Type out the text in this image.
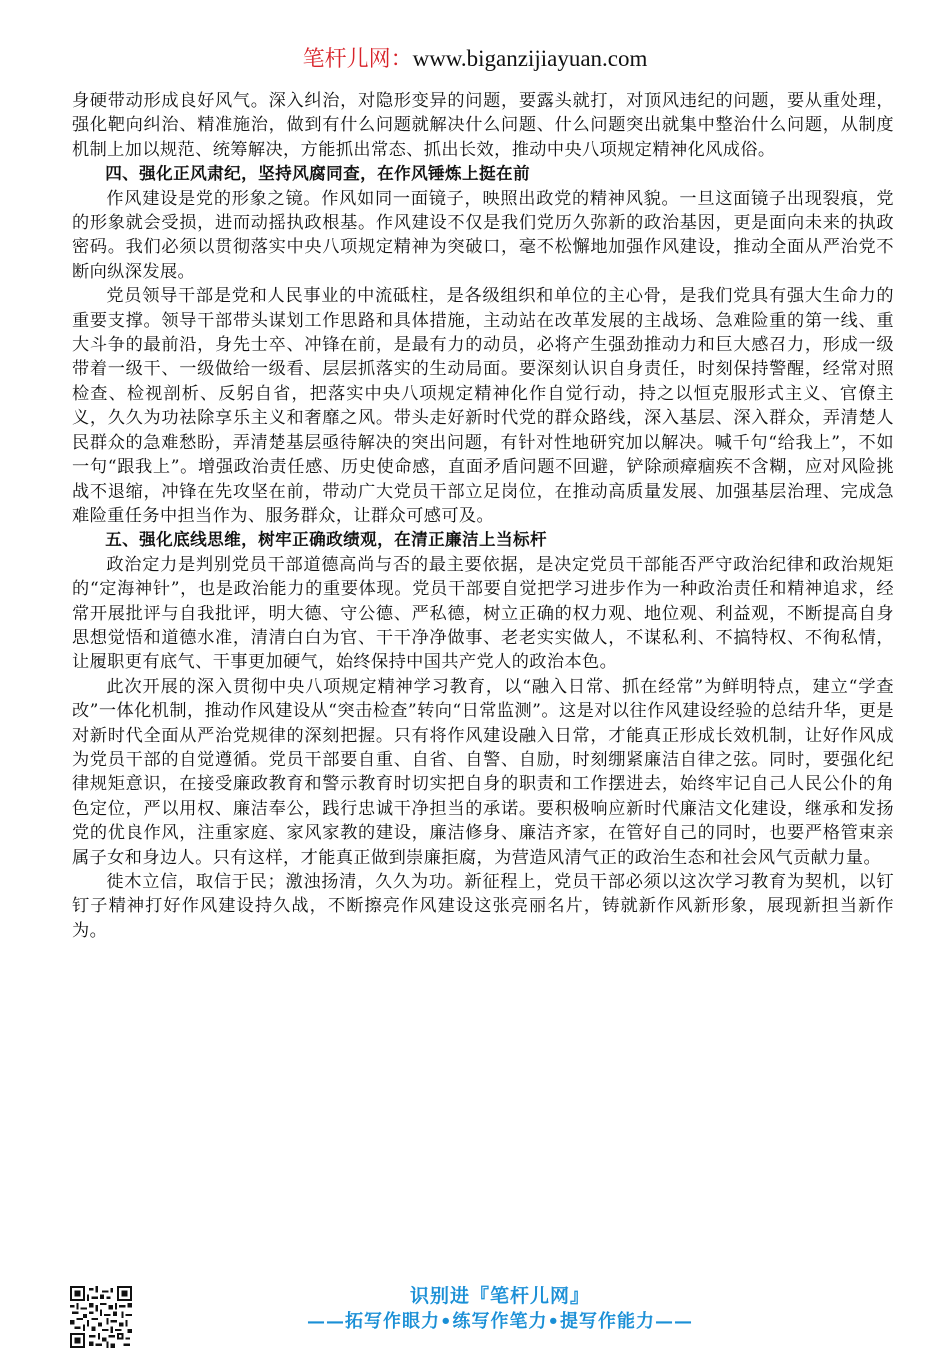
笔杆儿网：www.biganzijiayuan.com

身硬带动形成良好风气。深入纠治，对隐形变异的问题，要露头就打，对顶风违纪的问题，要从重处理，强化靶向纠治、精准施治，做到有什么问题就解决什么问题、什么问题突出就集中整治什么问题，从制度机制上加以规范、统筹解决，方能抓出常态、抓出长效，推动中央八项规定精神化风成俗。

四、强化正风肃纪，坚持风腐同查，在作风锤炼上挺在前

作风建设是党的形象之镜。作风如同一面镜子，映照出政党的精神风貌。一旦这面镜子出现裂痕，党的形象就会受损，进而动摇执政根基。作风建设不仅是我们党历久弥新的政治基因，更是面向未来的执政密码。我们必须以贯彻落实中央八项规定精神为突破口，毫不松懈地加强作风建设，推动全面从严治党不断向纵深发展。

党员领导干部是党和人民事业的中流砥柱，是各级组织和单位的主心骨，是我们党具有强大生命力的重要支撑。领导干部带头谋划工作思路和具体措施，主动站在改革发展的主战场、急难险重的第一线、重大斗争的最前沿，身先士卒、冲锋在前，是最有力的动员，必将产生强劲推动力和巨大感召力，形成一级带着一级干、一级做给一级看、层层抓落实的生动局面。要深刻认识自身责任，时刻保持警醒，经常对照检查、检视剖析、反躬自省，把落实中央八项规定精神化作自觉行动，持之以恒克服形式主义、官僚主义，久久为功祛除享乐主义和奢靡之风。带头走好新时代党的群众路线，深入基层、深入群众，弄清楚人民群众的急难愁盼，弄清楚基层亟待解决的突出问题，有针对性地研究加以解决。喊千句“给我上”，不如一句“跟我上”。增强政治责任感、历史使命感，直面矛盾问题不回避，铲除顽瘴痼疾不含糊，应对风险挑战不退缩，冲锋在先攻坚在前，带动广大党员干部立足岗位，在推动高质量发展、加强基层治理、完成急难险重任务中担当作为、服务群众，让群众可感可及。

五、强化底线思维，树牢正确政绩观，在清正廉洁上当标杆

政治定力是判别党员干部道德高尚与否的最主要依据，是决定党员干部能否严守政治纪律和政治规矩的“定海神针”，也是政治能力的重要体现。党员干部要自觉把学习进步作为一种政治责任和精神追求，经常开展批评与自我批评，明大德、守公德、严私德，树立正确的权力观、地位观、利益观，不断提高自身思想觉悟和道德水准，清清白白为官、干干净净做事、老老实实做人，不谋私利、不搞特权、不徇私情，让履职更有底气、干事更加硬气，始终保持中国共产党人的政治本色。

此次开展的深入贯彻中央八项规定精神学习教育，以“融入日常、抓在经常”为鲜明特点，建立“学查改”一体化机制，推动作风建设从“突击检查”转向“日常监测”。这是对以往作风建设经验的总结升华，更是对新时代全面从严治党规律的深刻把握。只有将作风建设融入日常，才能真正形成长效机制，让好作风成为党员干部的自觉遵循。党员干部要自重、自省、自警、自励，时刻绷紧廉洁自律之弦。同时，要强化纪律规矩意识，在接受廉政教育和警示教育时切实把自身的职责和工作摆进去，始终牢记自己人民公仆的角色定位，严以用权、廉洁奉公，践行忠诚干净担当的承诺。要积极响应新时代廉洁文化建设，继承和发扬党的优良作风，注重家庭、家风家教的建设，廉洁修身、廉洁齐家，在管好自己的同时，也要严格管束亲属子女和身边人。只有这样，才能真正做到崇廉拒腐，为营造风清气正的政治生态和社会风气贡献力量。

徙木立信，取信于民；激浊扬清，久久为功。新征程上，党员干部必须以这次学习教育为契机，以钉钉子精神打好作风建设持久战，不断擦亮作风建设这张亮丽名片，铸就新作风新形象，展现新担当新作为。

识别进『笔杆儿网』
——拓写作眼力•练写作笔力•提写作能力——
